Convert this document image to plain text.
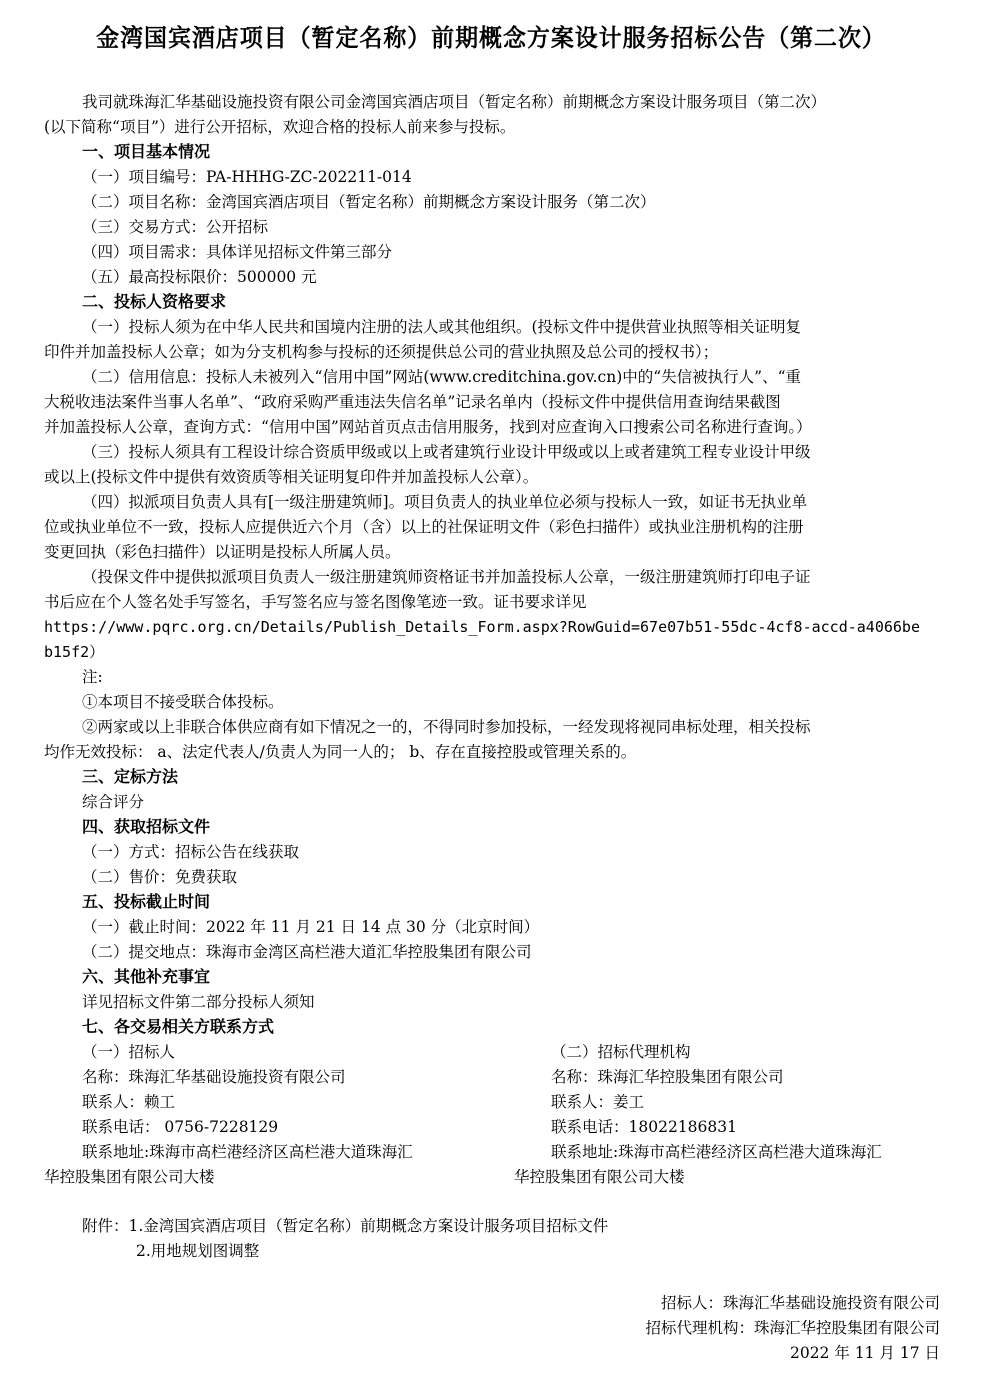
金湾国宾酒店项目（暂定名称）前期概念方案设计服务招标公告（第二次）
我司就珠海汇华基础设施投资有限公司金湾国宾酒店项目（暂定名称）前期概念方案设计服务项目（第二次）
(以下简称“项目”）进行公开招标，欢迎合格的投标人前来参与投标。
一、项目基本情况
（一）项目编号：PA-HHHG-ZC-202211-014
（二）项目名称：金湾国宾酒店项目（暂定名称）前期概念方案设计服务（第二次）
（三）交易方式：公开招标
（四）项目需求：具体详见招标文件第三部分
（五）最高投标限价：500000 元
二、投标人资格要求
（一）投标人须为在中华人民共和国境内注册的法人或其他组织。(投标文件中提供营业执照等相关证明复
印件并加盖投标人公章；如为分支机构参与投标的还须提供总公司的营业执照及总公司的授权书）；
（二）信用信息：投标人未被列入“信用中国”网站(www.creditchina.gov.cn)中的“失信被执行人”、“重
大税收违法案件当事人名单”、“政府采购严重违法失信名单”记录名单内（投标文件中提供信用查询结果截图
并加盖投标人公章，查询方式：“信用中国”网站首页点击信用服务，找到对应查询入口搜索公司名称进行查询。）
（三）投标人须具有工程设计综合资质甲级或以上或者建筑行业设计甲级或以上或者建筑工程专业设计甲级
或以上(投标文件中提供有效资质等相关证明复印件并加盖投标人公章）。
（四）拟派项目负责人具有[一级注册建筑师]。项目负责人的执业单位必须与投标人一致，如证书无执业单
位或执业单位不一致，投标人应提供近六个月（含）以上的社保证明文件（彩色扫描件）或执业注册机构的注册
变更回执（彩色扫描件）以证明是投标人所属人员。
（投保文件中提供拟派项目负责人一级注册建筑师资格证书并加盖投标人公章，一级注册建筑师打印电子证
书后应在个人签名处手写签名，手写签名应与签名图像笔迹一致。证书要求详见
https://www.pqrc.org.cn/Details/Publish_Details_Form.aspx?RowGuid=67e07b51-55dc-4cf8-accd-a4066be
b15f2）
注:
①本项目不接受联合体投标。
②两家或以上非联合体供应商有如下情况之一的，不得同时参加投标，一经发现将视同串标处理，相关投标
均作无效投标： a、法定代表人/负责人为同一人的； b、存在直接控股或管理关系的。
三、定标方法
综合评分
四、获取招标文件
（一）方式：招标公告在线获取
（二）售价：免费获取
五、投标截止时间
（一）截止时间：2022 年 11 月 21 日 14 点 30 分（北京时间）
（二）提交地点：珠海市金湾区高栏港大道汇华控股集团有限公司
六、其他补充事宜
详见招标文件第二部分投标人须知
七、各交易相关方联系方式
（一）招标人
名称：珠海汇华基础设施投资有限公司
联系人：赖工
联系电话： 0756-7228129
联系地址:珠海市高栏港经济区高栏港大道珠海汇
华控股集团有限公司大楼
（二）招标代理机构
名称：珠海汇华控股集团有限公司
联系人：姜工
联系电话：18022186831
联系地址:珠海市高栏港经济区高栏港大道珠海汇
华控股集团有限公司大楼
附件：1.金湾国宾酒店项目（暂定名称）前期概念方案设计服务项目招标文件
2.用地规划图调整
招标人：珠海汇华基础设施投资有限公司
招标代理机构：珠海汇华控股集团有限公司
2022 年 11 月 17 日
